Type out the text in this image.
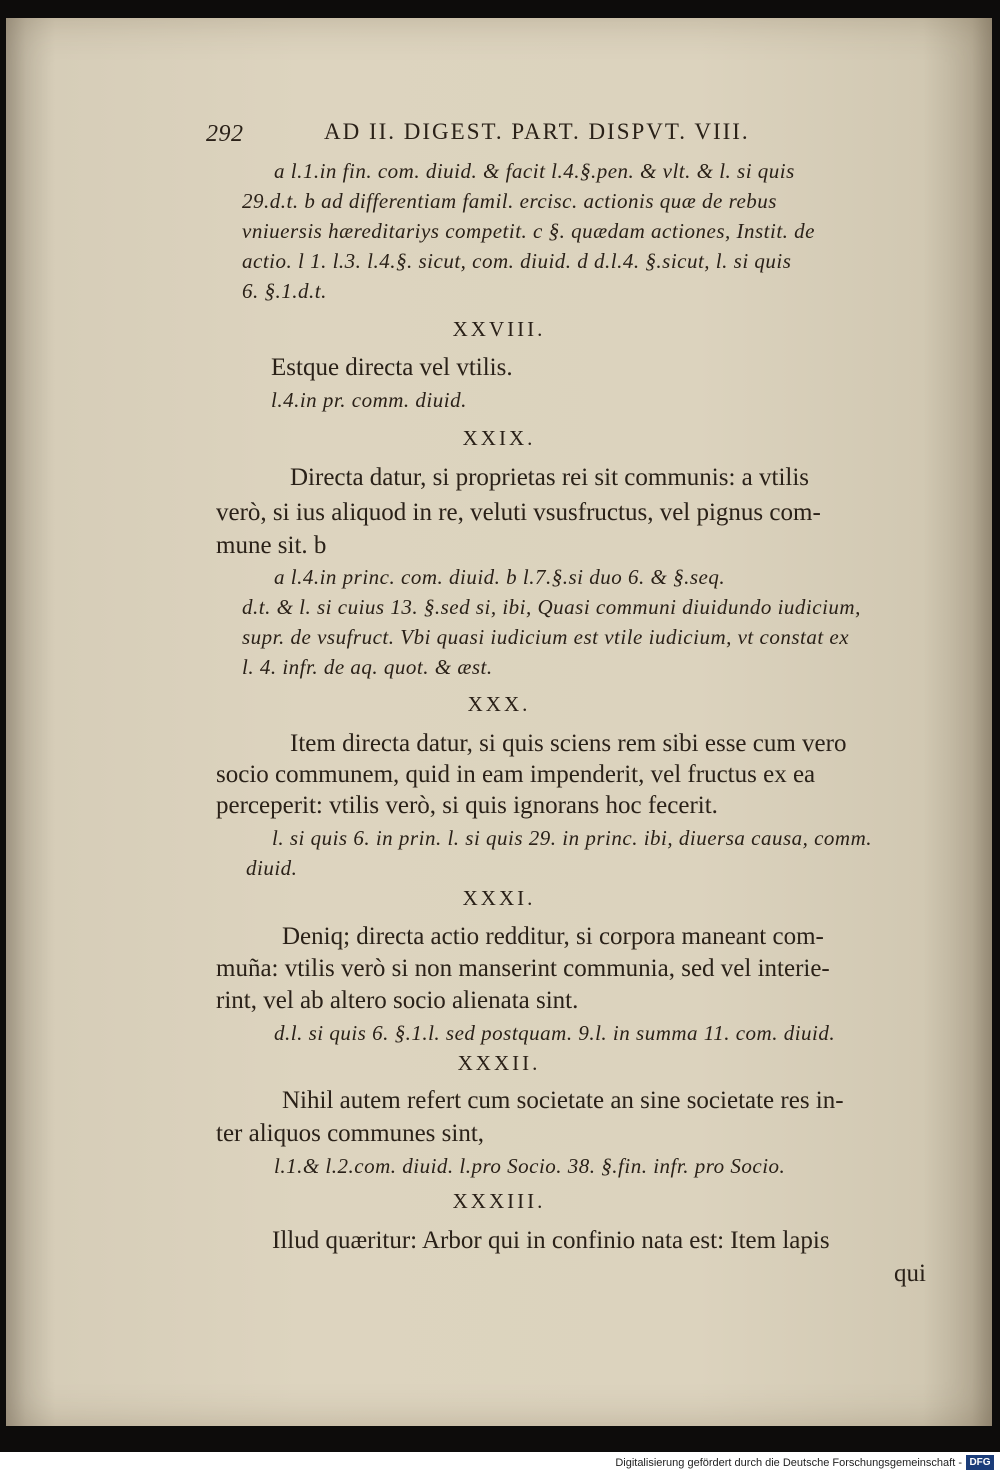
292	AD II. DIGEST. PART. DISPVT. VIII.
a l.1.in fin. com. diuid. & facit l.4.§.pen. & vlt. & l. si quis
29.d.t. b ad differentiam famil. ercisc. actionis quæ de rebus
vniuersis hæreditariys competit. c §. quædam actiones, Instit. de
actio. l 1. l.3. l.4.§. sicut, com. diuid. d d.l.4. §.sicut, l. si quis
6. §.1.d.t.
XXVIII.
Estque directa vel vtilis.
l.4.in pr. comm. diuid.
XXIX.
Directa datur, si proprietas rei sit communis: a vtilis
verò, si ius aliquod in re, veluti vsusfructus, vel pignus com-
mune sit. b
a l.4.in princ. com. diuid. b l.7.§.si duo 6. & §.seq.
d.t. & l. si cuius 13. §.sed si, ibi, Quasi communi diuidundo iudicium,
supr. de vsufruct. Vbi quasi iudicium est vtile iudicium, vt constat ex
l. 4. infr. de aq. quot. & æst.
XXX.
Item directa datur, si quis sciens rem sibi esse cum vero
socio communem, quid in eam impenderit, vel fructus ex ea
perceperit: vtilis verò, si quis ignorans hoc fecerit.
l. si quis 6. in prin. l. si quis 29. in princ. ibi, diuersa causa, comm.
diuid.
XXXI.
Deniq; directa actio redditur, si corpora maneant com-
muña: vtilis verò si non manserint communia, sed vel interie-
rint, vel ab altero socio alienata sint.
d.l. si quis 6. §.1.l. sed postquam. 9.l. in summa 11. com. diuid.
XXXII.
Nihil autem refert cum societate an sine societate res in-
ter aliquos communes sint,
l.1.& l.2.com. diuid. l.pro Socio. 38. §.fin. infr. pro Socio.
XXXIII.
Illud quæritur: Arbor qui in confinio nata est: Item lapis
qui
Digitalisierung gefördert durch die Deutsche Forschungsgemeinschaft - DFG
